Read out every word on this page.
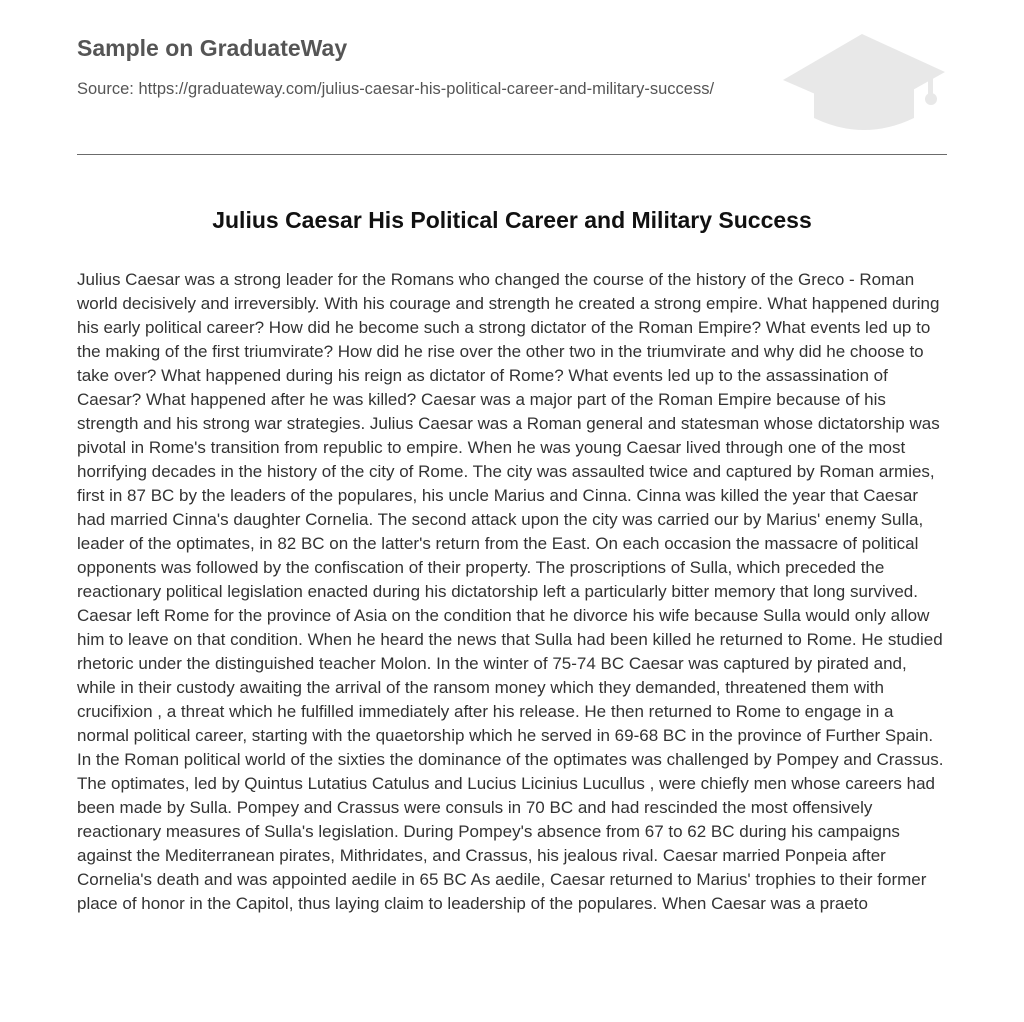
Sample on GraduateWay
Source: https://graduateway.com/julius-caesar-his-political-career-and-military-success/
Julius Caesar His Political Career and Military Success

Julius Caesar was a strong leader for the Romans who changed the course of the history of the Greco - Roman world decisively and irreversibly. With his courage and strength he created a strong empire. What happened during his early political career? How did he become such a strong dictator of the Roman Empire? What events led up to the making of the first triumvirate? How did he rise over the other two in the triumvirate and why did he choose to take over? What happened during his reign as dictator of Rome? What events led up to the assassination of Caesar? What happened after he was killed? Caesar was a major part of the Roman Empire because of his strength and his strong war strategies. Julius Caesar was a Roman general and statesman whose dictatorship was pivotal in Rome's transition from republic to empire. When he was young Caesar lived through one of the most horrifying decades in the history of the city of Rome. The city was assaulted twice and captured by Roman armies, first in 87 BC by the leaders of the populares, his uncle Marius and Cinna. Cinna was killed the year that Caesar had married Cinna's daughter Cornelia. The second attack upon the city was carried our by Marius' enemy Sulla, leader of the optimates, in 82 BC on the latter's return from the East. On each occasion the massacre of political opponents was followed by the confiscation of their property. The proscriptions of Sulla, which preceded the reactionary political legislation enacted during his dictatorship left a particularly bitter memory that long survived. Caesar left Rome for the province of Asia on the condition that he divorce his wife because Sulla would only allow him to leave on that condition. When he heard the news that Sulla had been killed he returned to Rome. He studied rhetoric under the distinguished teacher Molon. In the winter of 75-74 BC Caesar was captured by pirated and, while in their custody awaiting the arrival of the ransom money which they demanded, threatened them with crucifixion , a threat which he fulfilled immediately after his release. He then returned to Rome to engage in a normal political career, starting with the quaetorship which he served in 69-68 BC in the province of Further Spain. In the Roman political world of the sixties the dominance of the optimates was challenged by Pompey and Crassus. The optimates, led by Quintus Lutatius Catulus and Lucius Licinius Lucullus , were chiefly men whose careers had been made by Sulla. Pompey and Crassus were consuls in 70 BC and had rescinded the most offensively reactionary measures of Sulla's legislation. During Pompey's absence from 67 to 62 BC during his campaigns against the Mediterranean pirates, Mithridates, and Crassus, his jealous rival. Caesar married Ponpeia after Cornelia's death and was appointed aedile in 65 BC As aedile, Caesar returned to Marius' trophies to their former place of honor in the Capitol, thus laying claim to leadership of the populares. When Caesar was a praeto
